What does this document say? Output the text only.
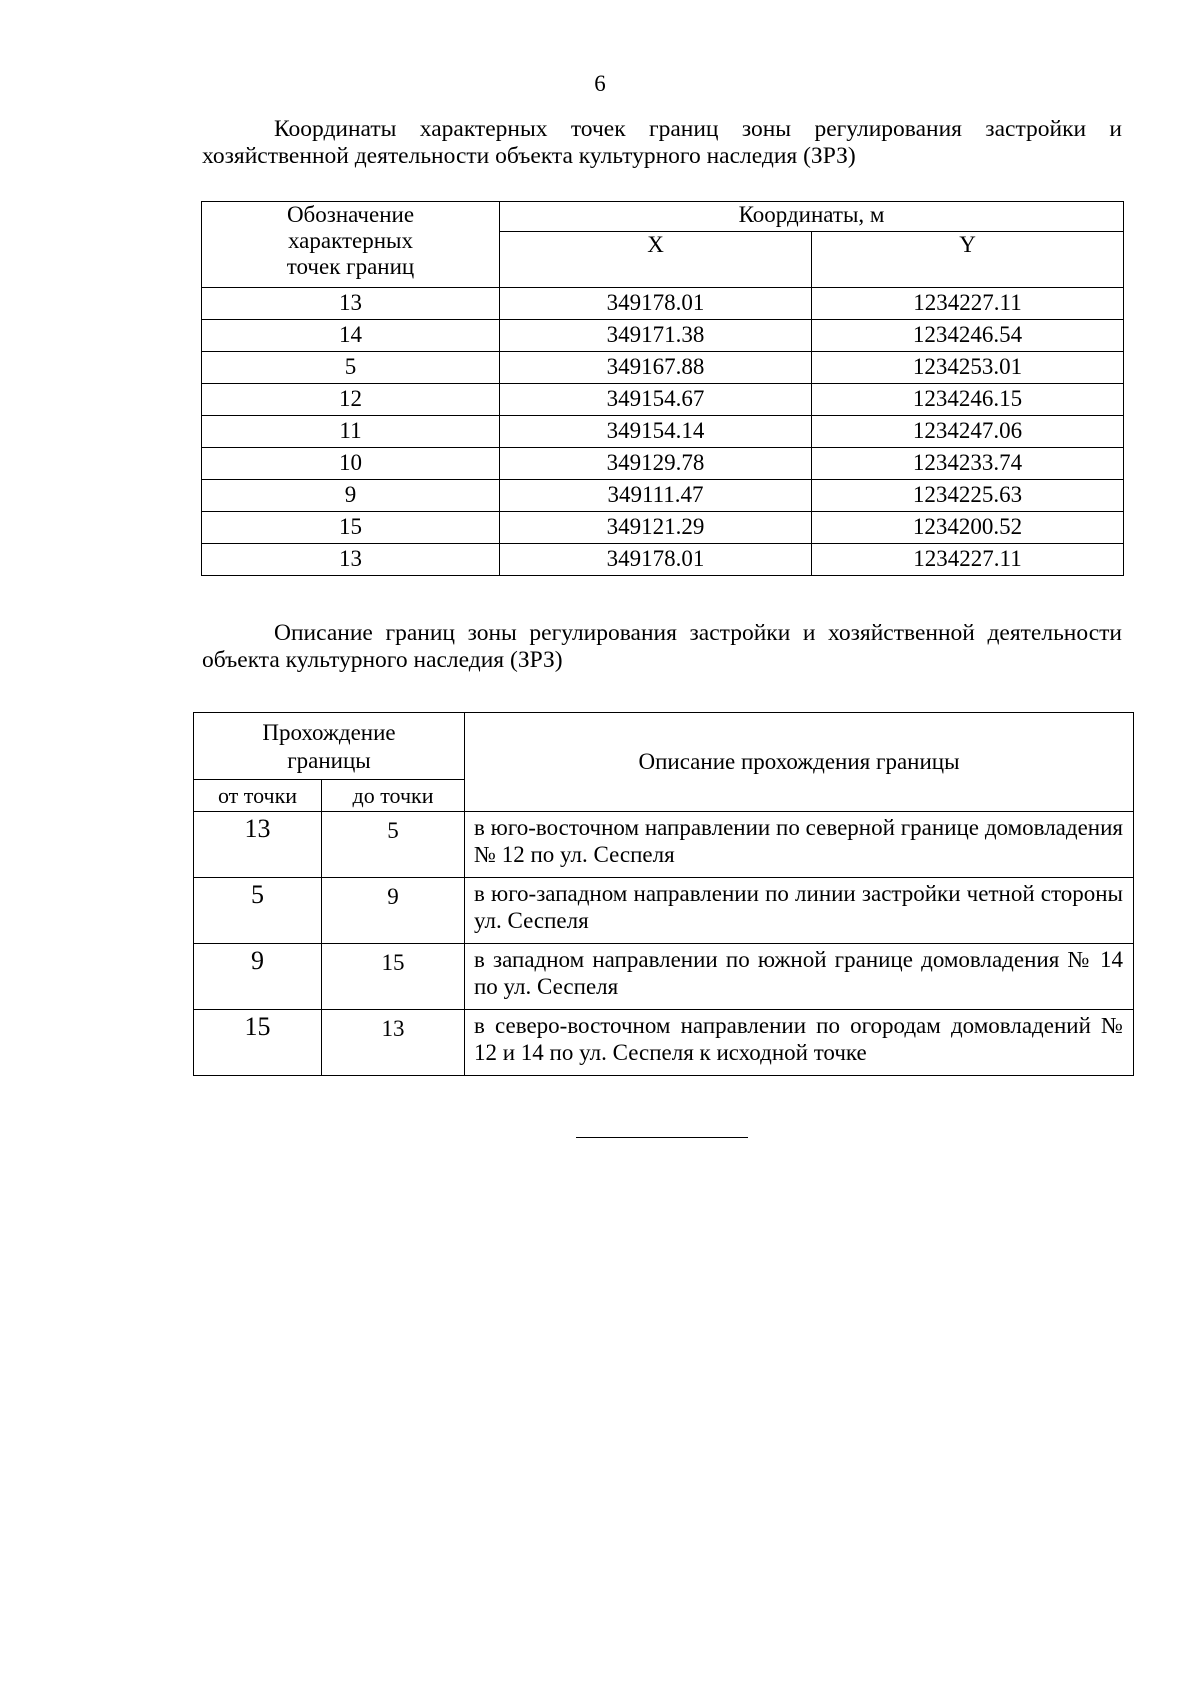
6
Координаты характерных точек границ зоны регулирования застройки и хозяйственной деятельности объекта культурного наследия (ЗРЗ)
Обозначение
характерных
точек границ	Координаты, м	
	X	Y
13	349178.01	1234227.11
14	349171.38	1234246.54
5	349167.88	1234253.01
12	349154.67	1234246.15
11	349154.14	1234247.06
10	349129.78	1234233.74
9	349111.47	1234225.63
15	349121.29	1234200.52
13	349178.01	1234227.11
Описание границ зоны регулирования застройки и хозяйственной деятельности объекта культурного наследия (ЗРЗ)
Прохождение
границы		Описание прохождения границы
от точки	до точки	
13	5	в юго-восточном направлении по северной границе домовладения № 12 по ул. Сеспеля
5	9	в юго-западном направлении по линии застройки четной стороны ул. Сеспеля
9	15	в западном направлении по южной границе домовладения № 14 по ул. Сеспеля
15	13	в северо-восточном направлении по огородам домовладений № 12 и 14 по ул. Сеспеля к исходной точке
